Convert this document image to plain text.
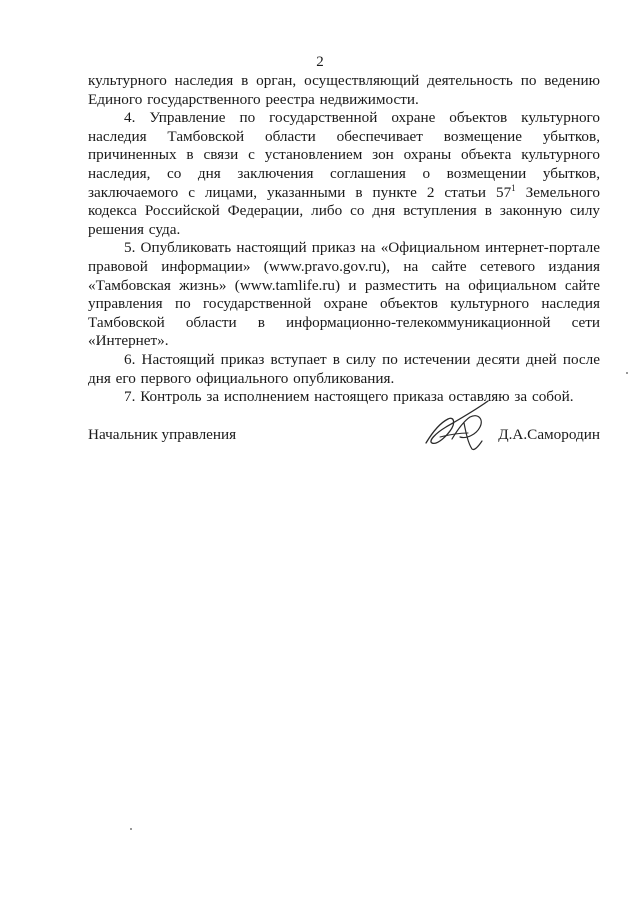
2

культурного наследия в орган, осуществляющий деятельность по ведению Единого государственного реестра недвижимости.

4. Управление по государственной охране объектов культурного наследия Тамбовской области обеспечивает возмещение убытков, причиненных в связи с установлением зон охраны объекта культурного наследия, со дня заключения соглашения о возмещении убытков, заключаемого с лицами, указанными в пункте 2 статьи $57^1$ Земельного кодекса Российской Федерации, либо со дня вступления в законную силу решения суда.

5. Опубликовать настоящий приказ на «Официальном интернет-портале правовой информации» (www.pravo.gov.ru), на сайте сетевого издания «Тамбовская жизнь» (www.tamlife.ru) и разместить на официальном сайте управления по государственной охране объектов культурного наследия Тамбовской области в информационно-телекоммуникационной сети «Интернет».

6. Настоящий приказ вступает в силу по истечении десяти дней после дня его первого официального опубликования.

7. Контроль за исполнением настоящего приказа оставляю за собой.

Начальник управления	Д.А.Самородин
